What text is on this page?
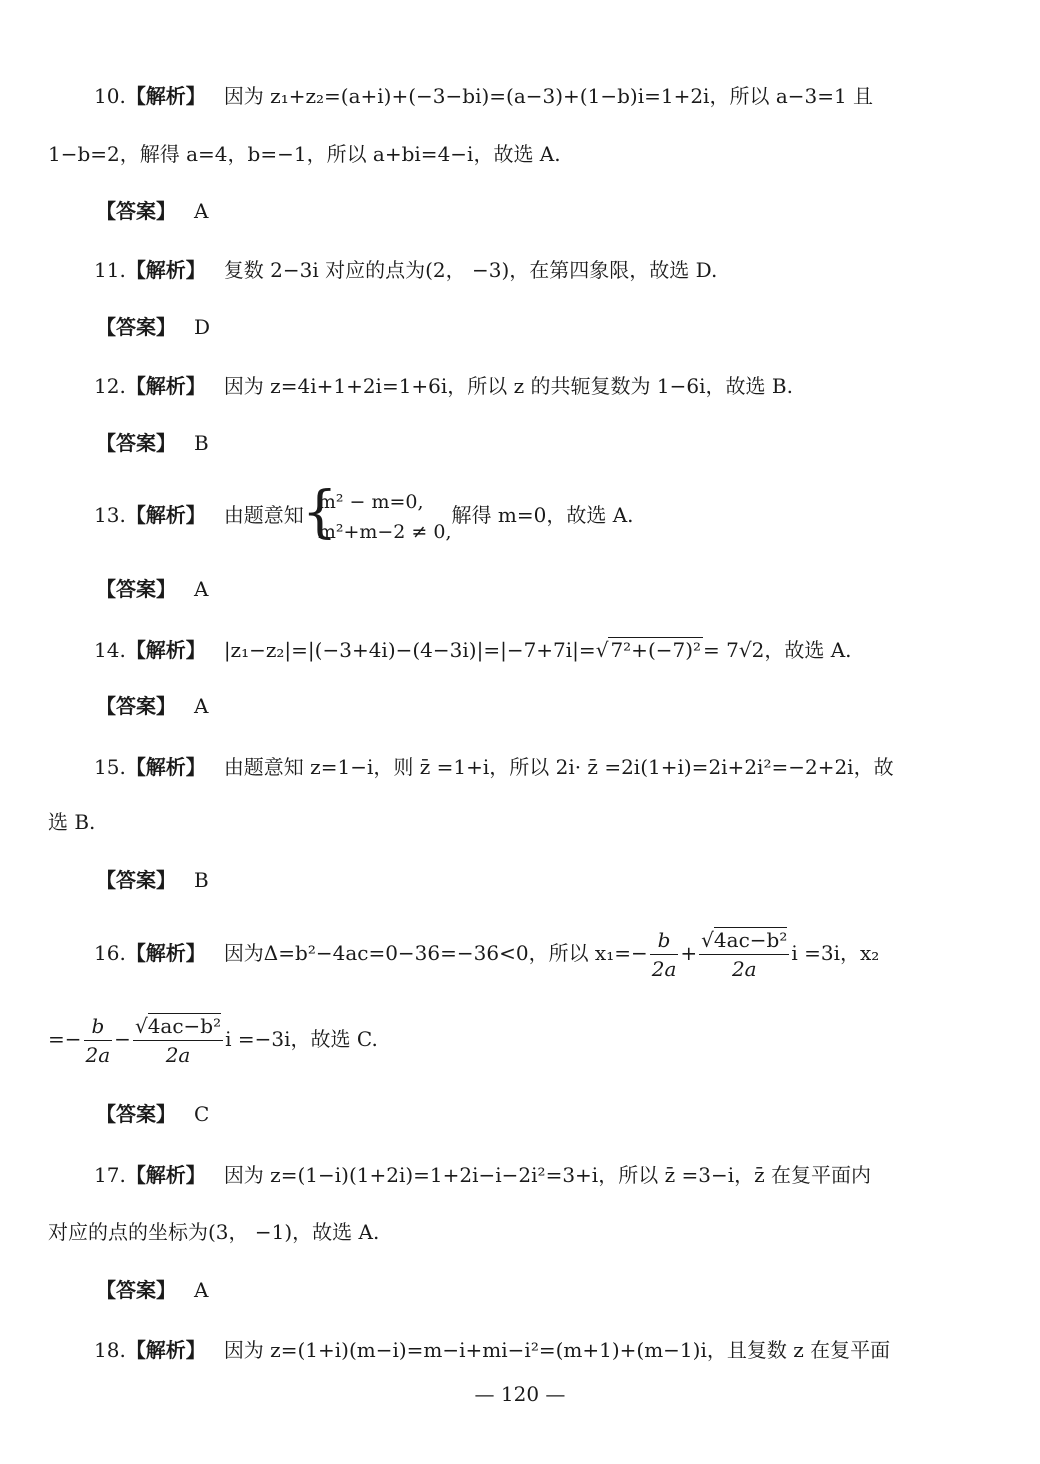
10.【解析】 因为 z₁+z₂=(a+i)+(−3−bi)=(a−3)+(1−b)i=1+2i，所以 a−3=1 且
1−b=2，解得 a=4，b=−1，所以 a+bi=4−i，故选 A.
【答案】 A
11.【解析】 复数 2−3i 对应的点为(2， −3)，在第四象限，故选 D.
【答案】 D
12.【解析】 因为 z=4i+1+2i=1+6i，所以 z 的共轭复数为 1−6i，故选 B.
【答案】 B
13.【解析】 由题意知
{
m² − m=0,
m²+m−2 ≠ 0,
解得 m=0，故选 A.
【答案】 A
14.【解析】 |z₁−z₂|=|(−3+4i)−(4−3i)|=|−7+7i|=√ 7²+(−7)² = 7√2，故选 A.
【答案】 A
15.【解析】 由题意知 z=1−i，则 z̄ =1+i，所以 2i· z̄ =2i(1+i)=2i+2i²=−2+2i，故
选 B.
【答案】 B
16.【解析】 因为Δ=b²−4ac=0−36=−36<0，所以 $x_1=- \frac{b}{2a} + \frac{\text{√4ac−b²}}{2a}$ i =3i，x₂
=− $\frac{b}{2a} - \frac{\text{√4ac−b²}}{2a}$ i =−3i，故选 C.
【答案】 C
17.【解析】 因为 z=(1−i)(1+2i)=1+2i−i−2i²=3+i，所以 z̄ =3−i，z̄ 在复平面内
对应的点的坐标为(3， −1)，故选 A.
【答案】 A
18.【解析】 因为 z=(1+i)(m−i)=m−i+mi−i²=(m+1)+(m−1)i，且复数 z 在复平面
— 120 —
